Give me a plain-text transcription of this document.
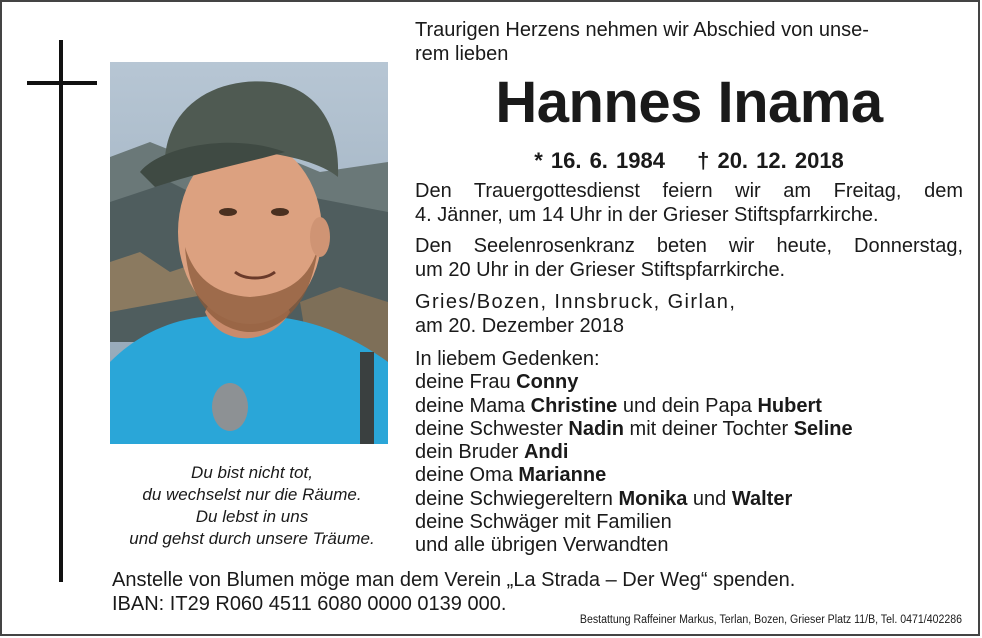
Du bist nicht tot,
du wechselst nur die Räume.
Du lebst in uns
und gehst durch unsere Träume.
Traurigen Herzens nehmen wir Abschied von unse-
rem lieben
Hannes Inama
* 16. 6. 1984 † 20. 12. 2018
Den Trauergottesdienst feiern wir am Freitag, dem
4. Jänner, um 14 Uhr in der Grieser Stiftspfarrkirche.
Den Seelenrosenkranz beten wir heute, Donnerstag,
um 20 Uhr in der Grieser Stiftspfarrkirche.
Gries/Bozen, Innsbruck, Girlan,
am 20. Dezember 2018
In liebem Gedenken:
deine Frau Conny
deine Mama Christine und dein Papa Hubert
deine Schwester Nadin mit deiner Tochter Seline
dein Bruder Andi
deine Oma Marianne
deine Schwiegereltern Monika und Walter
deine Schwäger mit Familien
und alle übrigen Verwandten
Anstelle von Blumen möge man dem Verein „La Strada – Der Weg“ spenden.
IBAN: IT29 R060 4511 6080 0000 0139 000.
Bestattung Raffeiner Markus, Terlan, Bozen, Grieser Platz 11/B, Tel. 0471/402286
